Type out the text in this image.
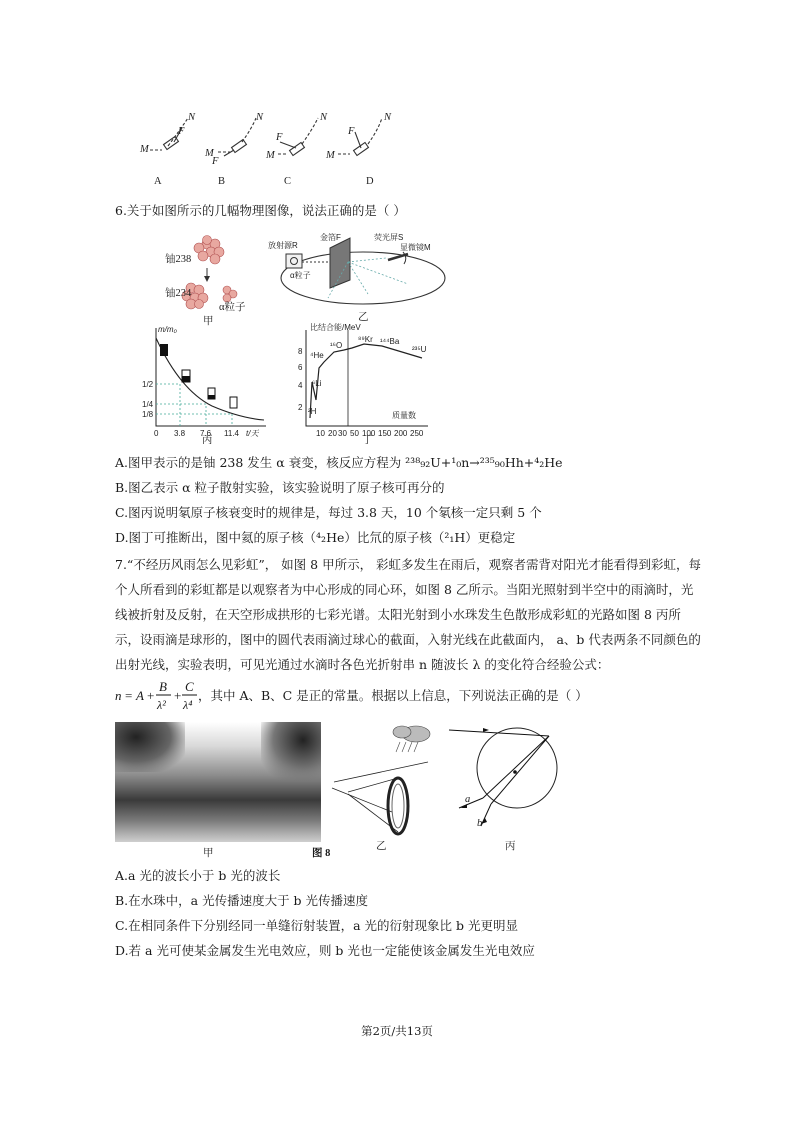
M
N
F
M
N
F
M
N
F
M
N
F
A	B	C	D
6.关于如图所示的几幅物理图像，说法正确的是（ ）
铀238
铀234
α粒子
甲
放射源R
金箔F	荧光屏S
显微镜M
α粒子
乙
m/m₀
t/天
1/2
1/4
1/8
0 3.8 7.6 11.4
丙
比结合能/MeV
质量数
2
4
6
8
10 20 30 50 100 150 200 250
⁴He
¹⁶O
⁸⁹Kr ¹⁴⁴Ba
²³⁵U
⁶Li
²H
丁
A.图甲表示的是铀 238 发生 α 衰变，核反应方程为 ²³⁸₉₂U+¹₀n→²³⁵₉₀Hh+⁴₂He
B.图乙表示 α 粒子散射实验，该实验说明了原子核可再分的
C.图丙说明氡原子核衰变时的规律是，每过 3.8 天，10 个氡核一定只剩 5 个
D.图丁可推断出，图中氦的原子核（⁴₂He）比氘的原子核（²₁H）更稳定
7.“不经历风雨怎么见彩虹”， 如图 8 甲所示， 彩虹多发生在雨后，观察者需背对阳光才能看得到彩虹，每
个人所看到的彩虹都是以观察者为中心形成的同心环，如图 8 乙所示。当阳光照射到半空中的雨滴时，光
线被折射及反射，在天空形成拱形的七彩光谱。太阳光射到小水珠发生色散形成彩虹的光路如图 8 丙所
示，设雨滴是球形的，图中的圆代表雨滴过球心的截面，入射光线在此截面内， a、b 代表两条不同颜色的
出射光线，实验表明，可见光通过水滴时各色光折射串 n 随波长 λ 的变化符合经验公式：
n = A +
B
λ²
+
C
λ⁴
，其中 A、B、C 是正的常量。根据以上信息，下列说法正确的是（ ）
乙
a
b
丙
甲	图 8
A.a 光的波长小于 b 光的波长
B.在水珠中，a 光传播速度大于 b 光传播速度
C.在相同条件下分别经同一单缝衍射装置，a 光的衍射现象比 b 光更明显
D.若 a 光可使某金属发生光电效应，则 b 光也一定能使该金属发生光电效应
第2页/共13页
